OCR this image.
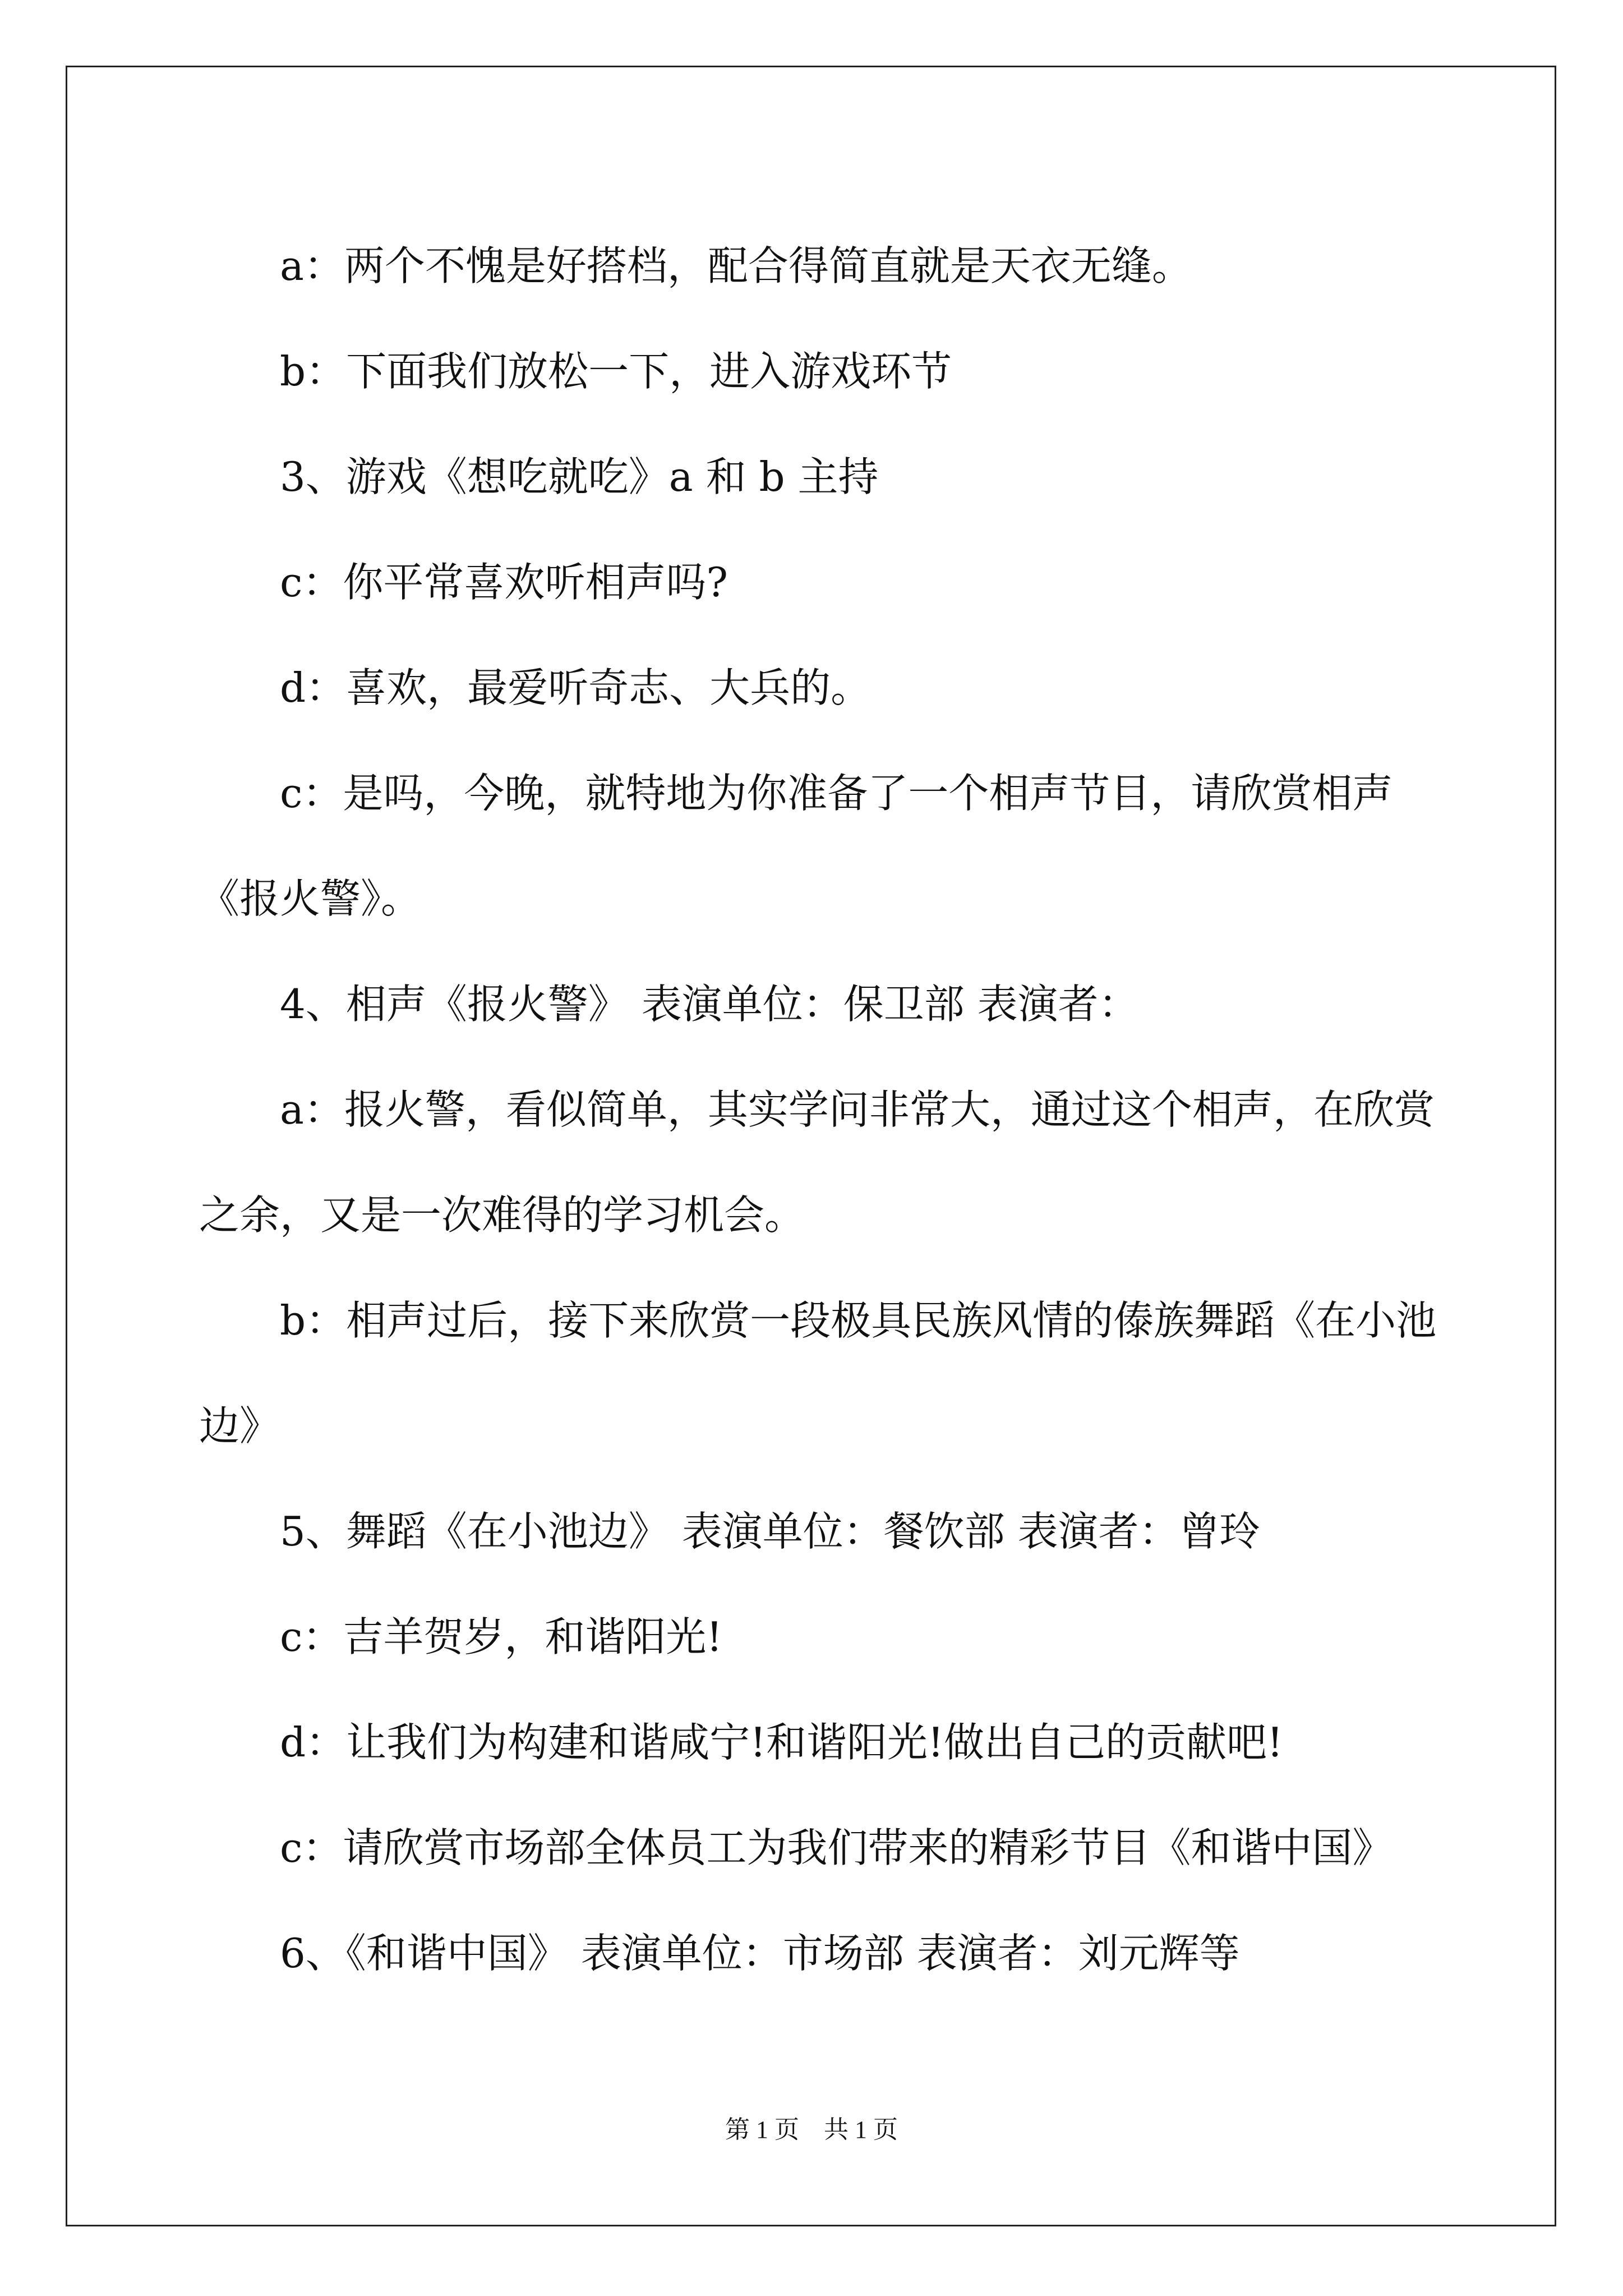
a：两个不愧是好搭档，配合得简直就是天衣无缝。

b：下面我们放松一下，进入游戏环节

3、游戏《想吃就吃》a 和 b 主持

c：你平常喜欢听相声吗?

d：喜欢，最爱听奇志、大兵的。

c：是吗，今晚，就特地为你准备了一个相声节目，请欣赏相声

《报火警》。

4、相声《报火警》 表演单位：保卫部 表演者：

a：报火警，看似简单，其实学问非常大，通过这个相声，在欣赏

之余，又是一次难得的学习机会。

b：相声过后，接下来欣赏一段极具民族风情的傣族舞蹈《在小池

边》

5、舞蹈《在小池边》 表演单位：餐饮部 表演者：曾玲

c：吉羊贺岁，和谐阳光!

d：让我们为构建和谐咸宁!和谐阳光!做出自己的贡献吧!

c：请欣赏市场部全体员工为我们带来的精彩节目《和谐中国》

6、《和谐中国》 表演单位：市场部 表演者：刘元辉等

第 1 页　共 1 页
